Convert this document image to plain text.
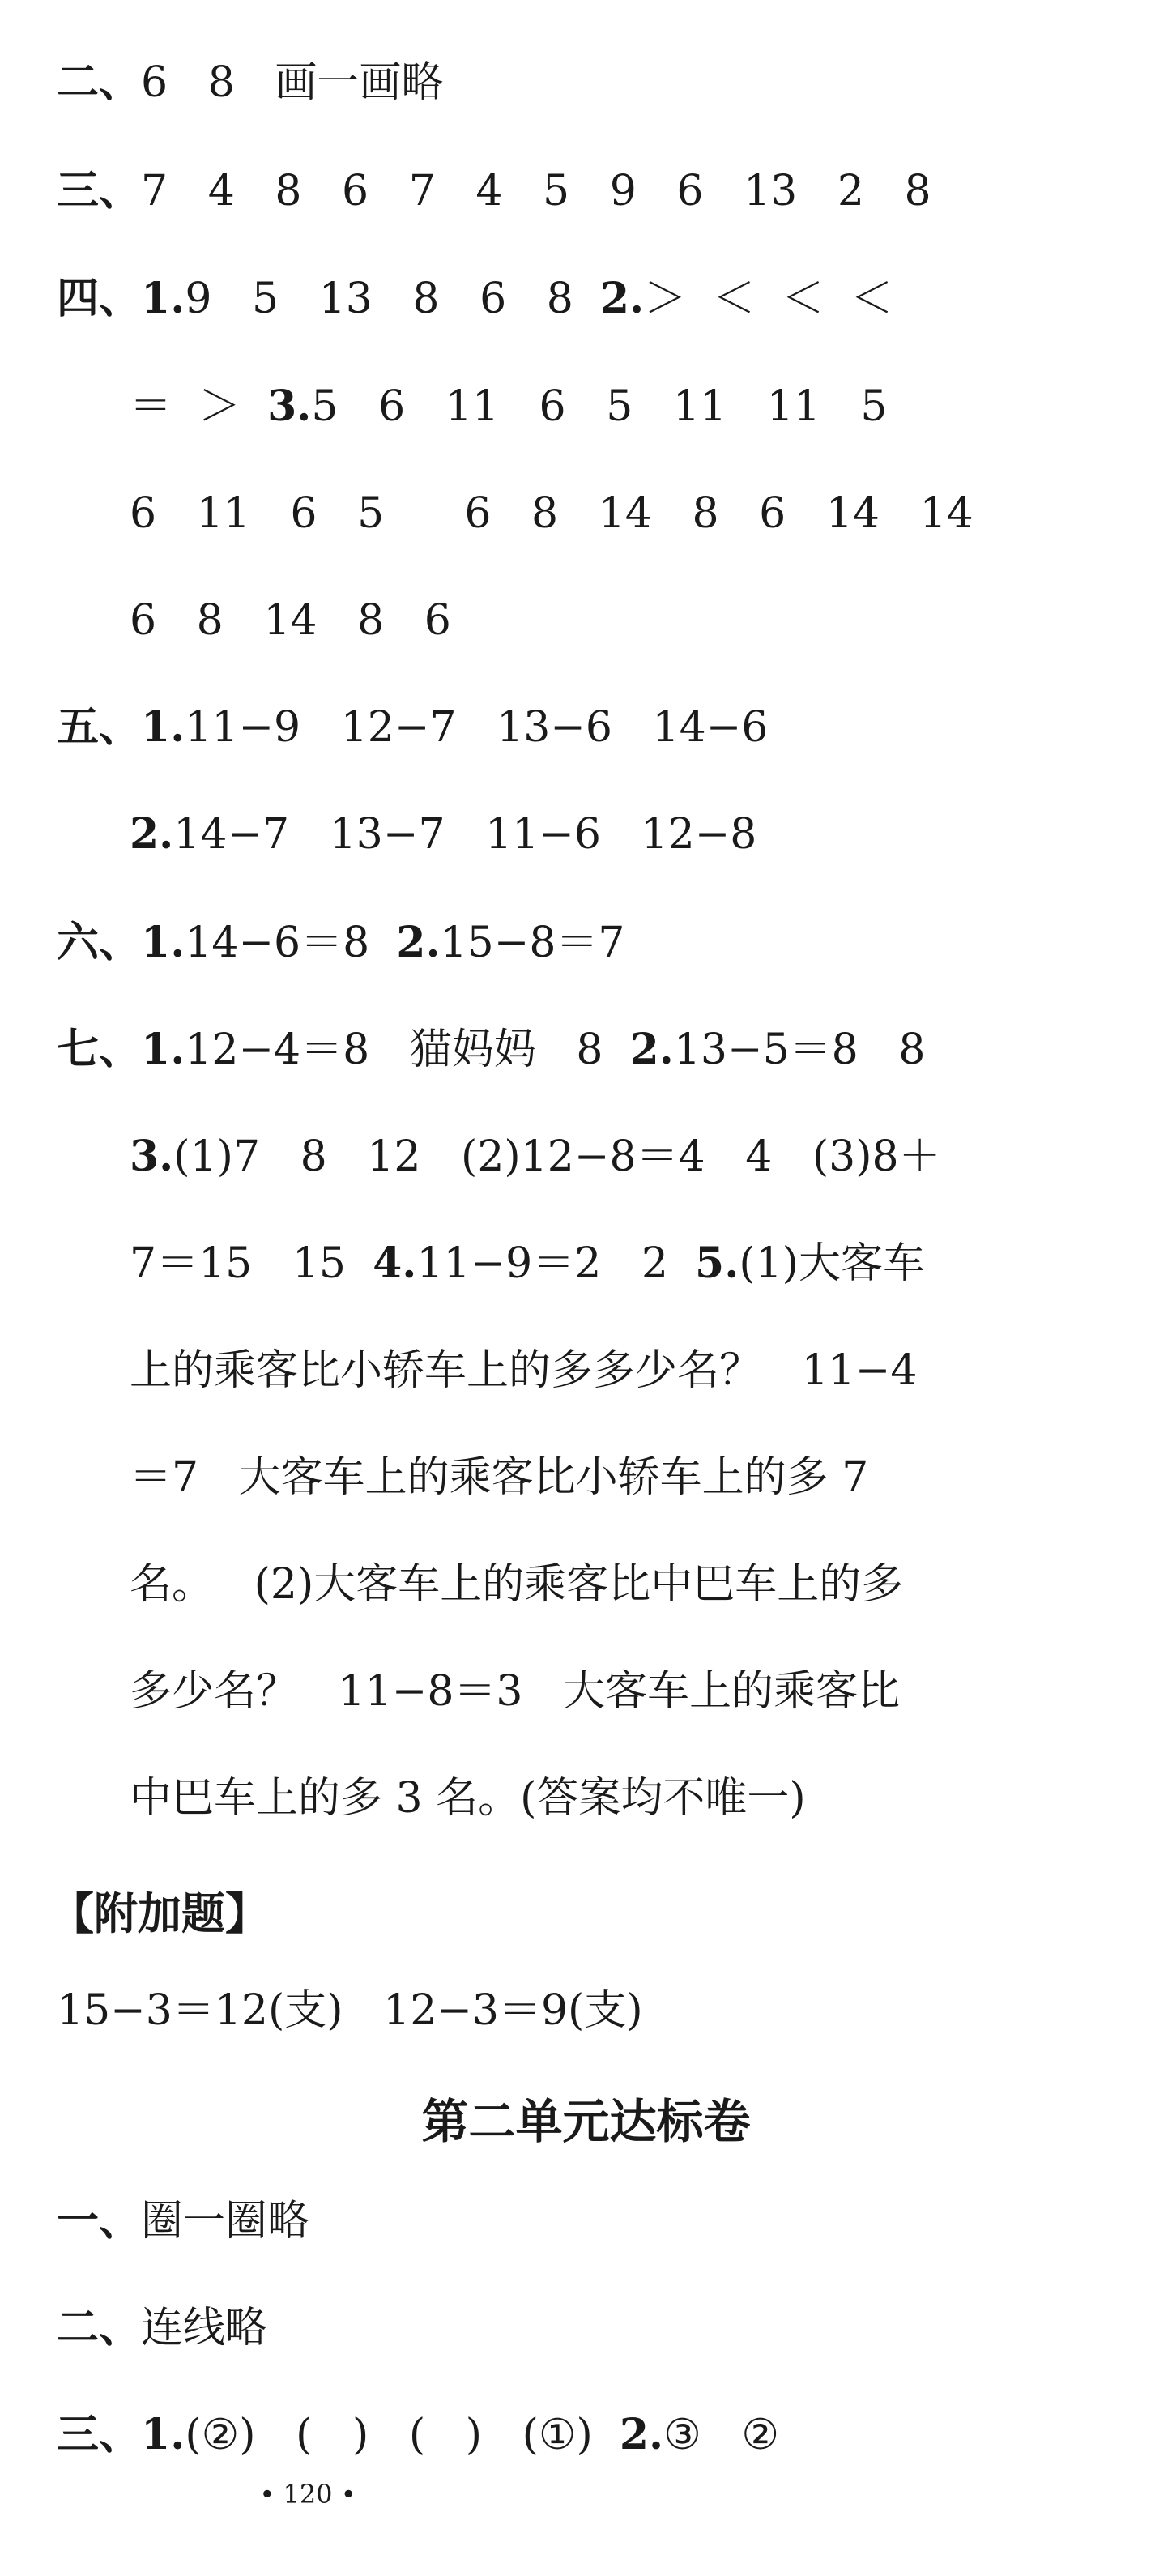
二、6   8   画一画略
三、7   4   8   6   7   4   5   9   6   13   2   8
四、1.9   5   13   8   6   8  2.＞  ＜  ＜  ＜
＝  ＞  3.5   6   11   6   5   11   11   5
6   11   6   5      6   8   14   8   6   14   14
6   8   14   8   6
五、1.11−9   12−7   13−6   14−6
2.14−7   13−7   11−6   12−8
六、1.14−6＝8  2.15−8＝7
七、1.12−4＝8   猫妈妈   8  2.13−5＝8   8
3.(1)7   8   12   (2)12−8＝4   4   (3)8＋
7＝15   15  4.11−9＝2   2  5.(1)大客车
上的乘客比小轿车上的多多少名？   11−4
＝7   大客车上的乘客比小轿车上的多 7
名。   (2)大客车上的乘客比中巴车上的多
多少名？   11−8＝3   大客车上的乘客比
中巴车上的多 3 名。(答案均不唯一)
【附加题】
15−3＝12(支)   12−3＝9(支)
第二单元达标卷
一、圈一圈略
二、连线略
三、1.(②)   (   )   (   )   (①)  2.③   ②
• 120 •
